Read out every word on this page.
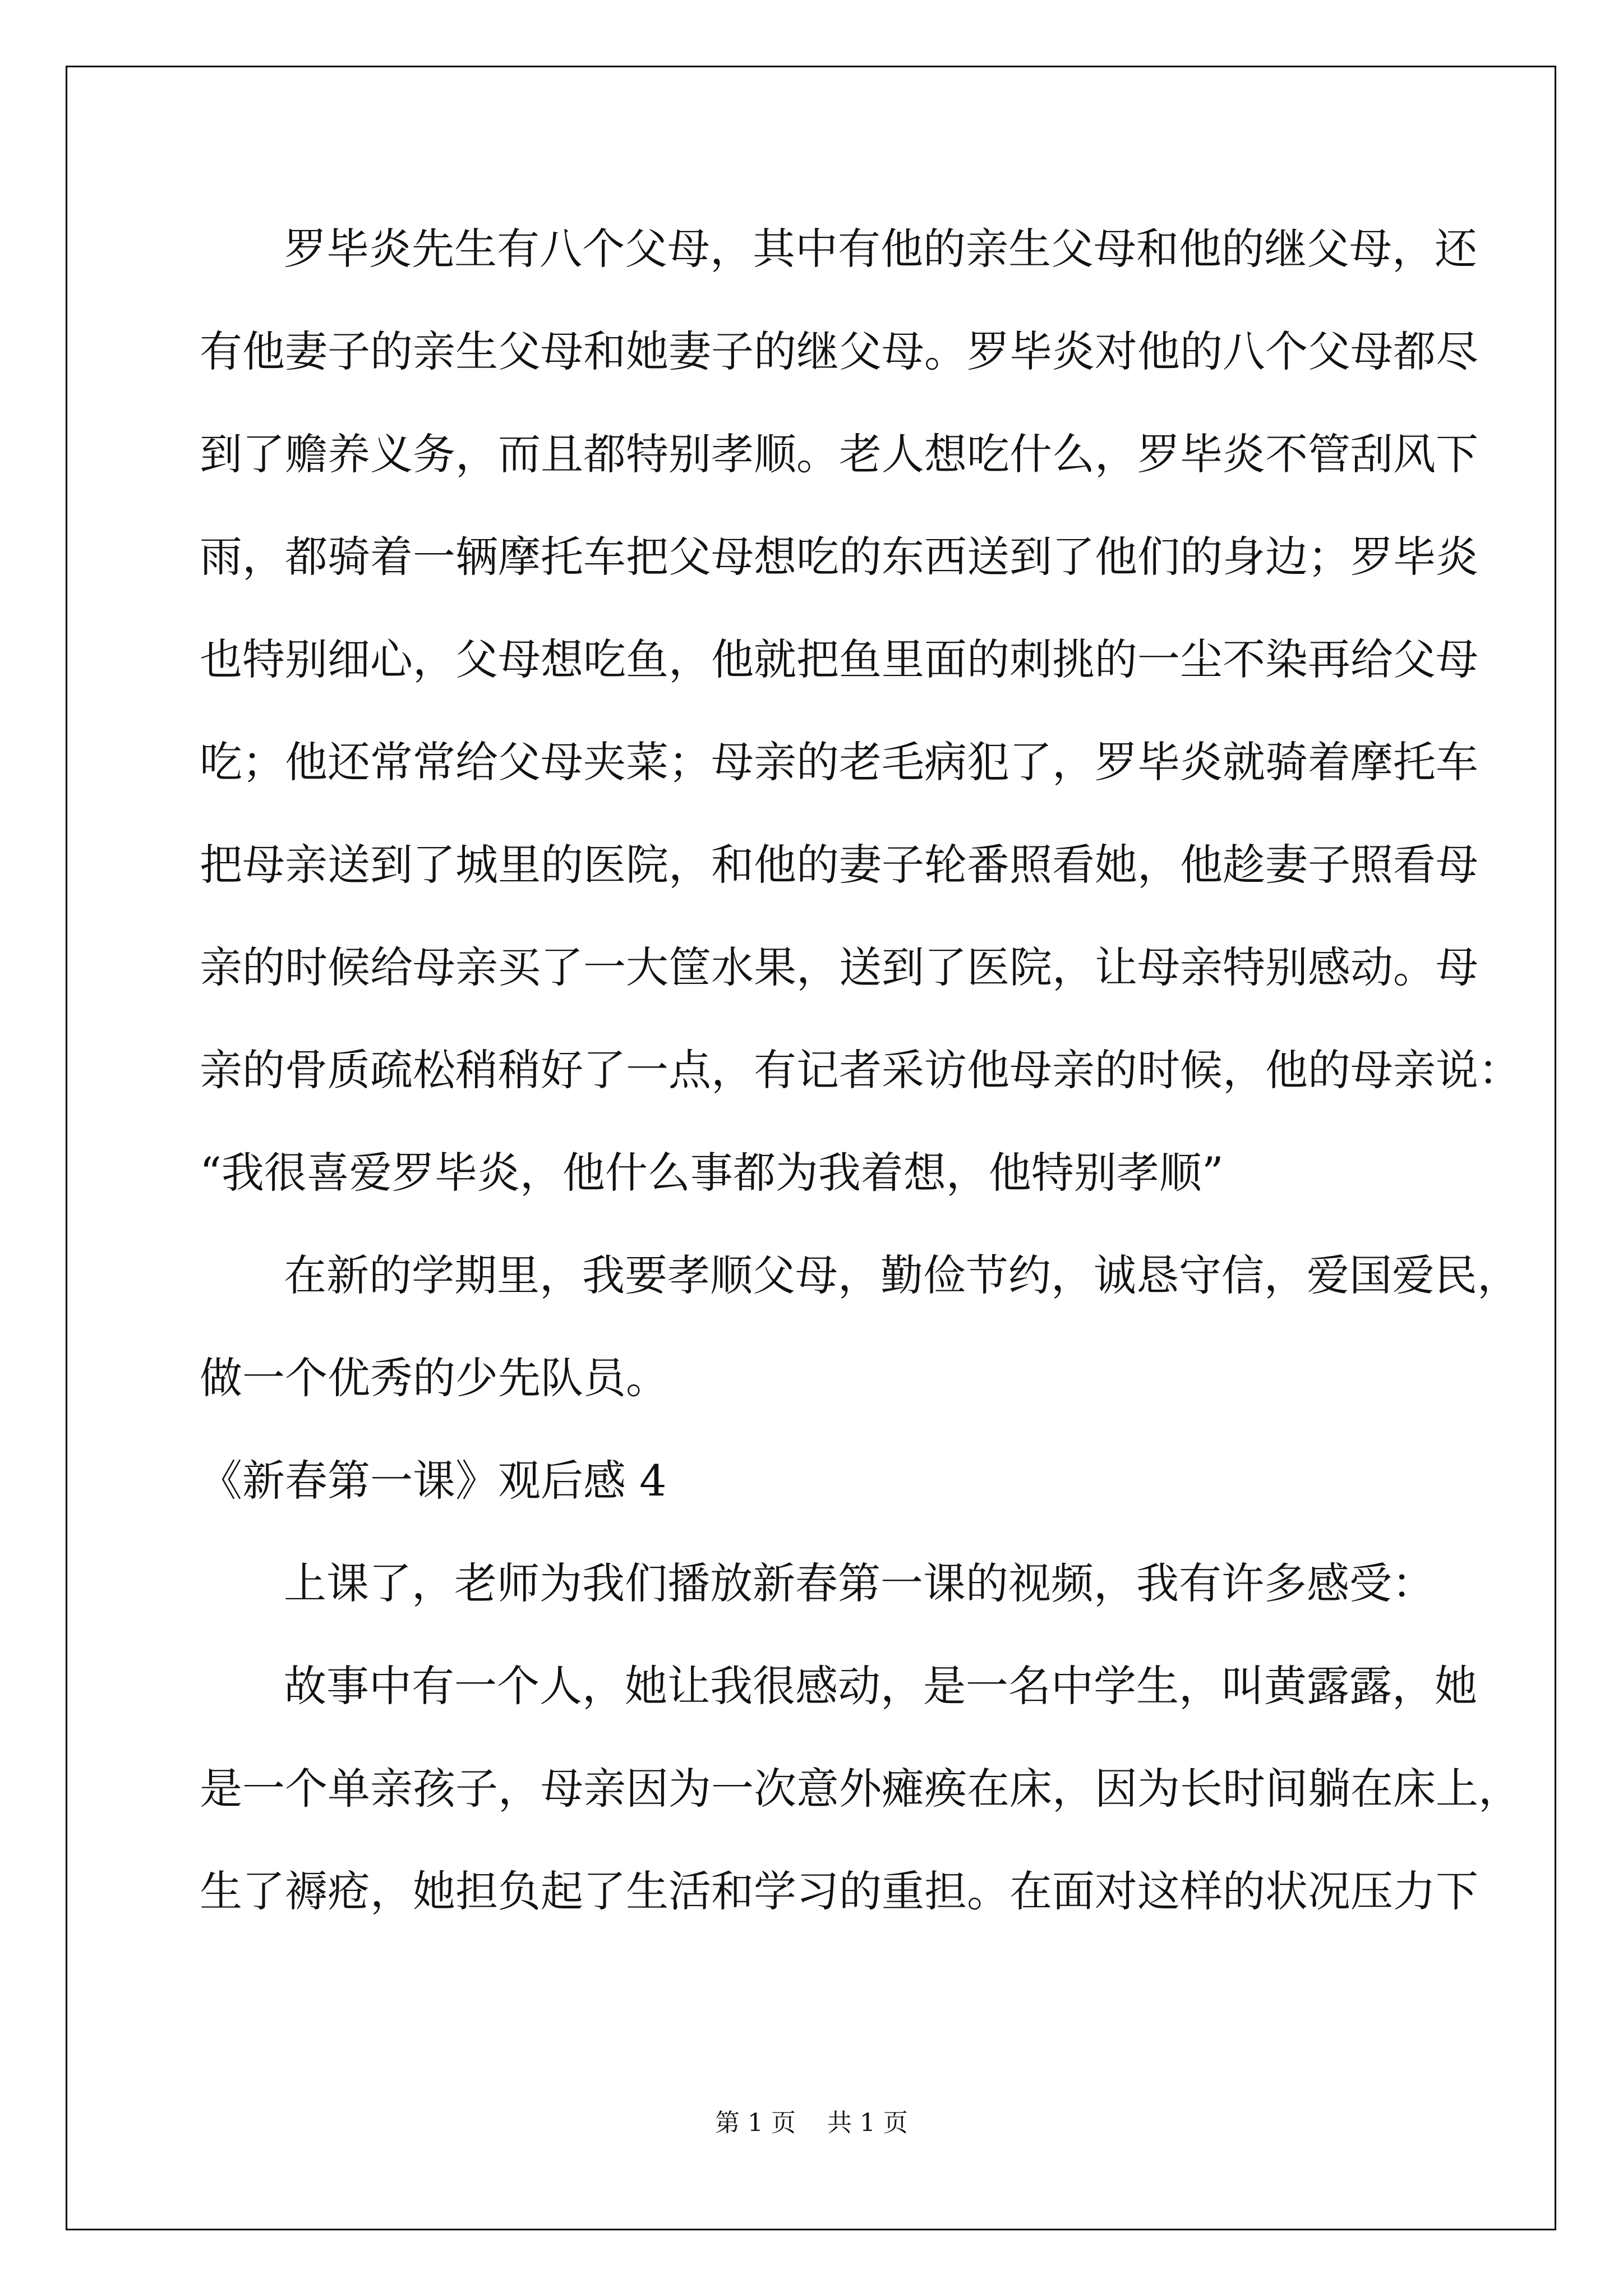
罗毕炎先生有八个父母，其中有他的亲生父母和他的继父母，还
有他妻子的亲生父母和她妻子的继父母。罗毕炎对他的八个父母都尽
到了赡养义务，而且都特别孝顺。老人想吃什么，罗毕炎不管刮风下
雨，都骑着一辆摩托车把父母想吃的东西送到了他们的身边；罗毕炎
也特别细心，父母想吃鱼，他就把鱼里面的刺挑的一尘不染再给父母
吃；他还常常给父母夹菜；母亲的老毛病犯了，罗毕炎就骑着摩托车
把母亲送到了城里的医院，和他的妻子轮番照看她，他趁妻子照看母
亲的时候给母亲买了一大筐水果，送到了医院，让母亲特别感动。母
亲的骨质疏松稍稍好了一点，有记者采访他母亲的时候，他的母亲说：
“我很喜爱罗毕炎，他什么事都为我着想，他特别孝顺”
在新的学期里，我要孝顺父母，勤俭节约，诚恳守信，爱国爱民，
做一个优秀的少先队员。
《新春第一课》观后感 4
上课了，老师为我们播放新春第一课的视频，我有许多感受：
故事中有一个人，她让我很感动，是一名中学生，叫黄露露，她
是一个单亲孩子，母亲因为一次意外瘫痪在床，因为长时间躺在床上，
生了褥疮，她担负起了生活和学习的重担。在面对这样的状况压力下
第 1 页    共 1 页
